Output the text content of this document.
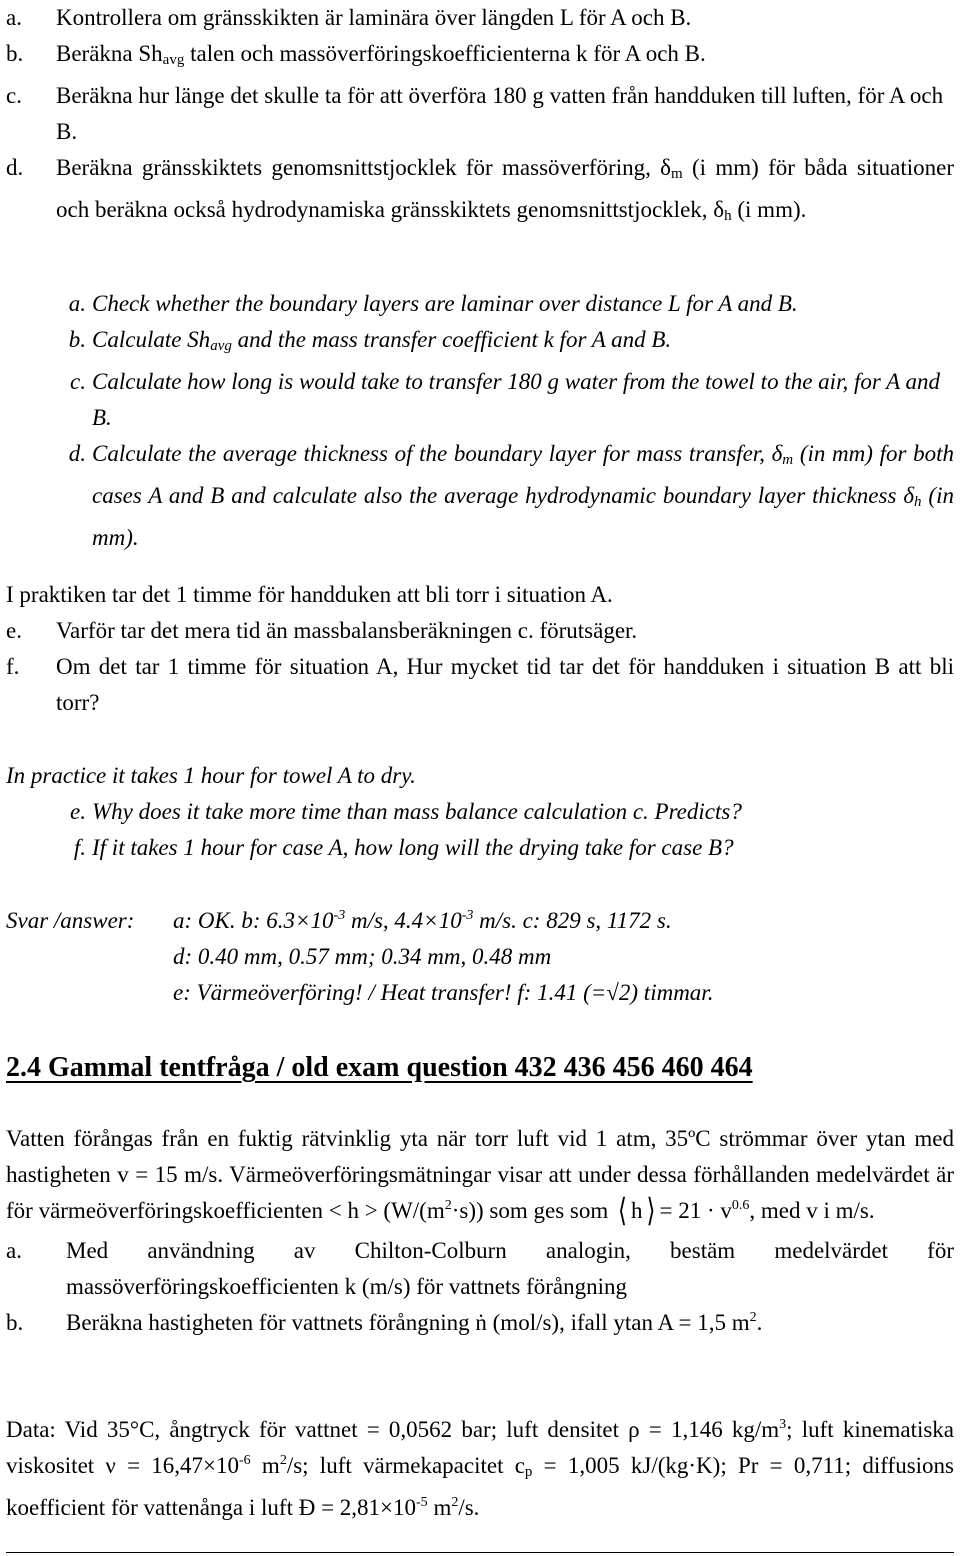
a.	Kontrollera om gränsskikten är laminära över längden L för A och B.
b.	Beräkna $Sh_{avg}$ talen och massöverföringskoefficienterna k för A och B.
c.	Beräkna hur länge det skulle ta för att överföra 180 g vatten från handduken till luften, för A och B.
d.	Beräkna gränsskiktets genomsnittstjocklek för massöverföring, $\delta_m$ (i mm) för båda situationer och beräkna också hydrodynamiska gränsskiktets genomsnittstjocklek, $\delta_h$ (i mm).
a. Check whether the boundary layers are laminar over distance L for A and B.
b. Calculate $Sh_{avg}$ and the mass transfer coefficient k for A and B.
c. Calculate how long is would take to transfer 180 g water from the towel to the air, for A and B.
d. Calculate the average thickness of the boundary layer for mass transfer, $\delta_m$ (in mm) for both cases A and B and calculate also the average hydrodynamic boundary layer thickness $\delta_h$ (in mm).
I praktiken tar det 1 timme för handduken att bli torr i situation A.
e.	Varför tar det mera tid än massbalansberäkningen c. förutsäger.
f.	Om det tar 1 timme för situation A, Hur mycket tid tar det för handduken i situation B att bli torr?
In practice it takes 1 hour for towel A to dry.
e. Why does it take more time than mass balance calculation c. Predicts?
f. If it takes 1 hour for case A, how long will the drying take for case B?
Svar /answer:	a: OK. b: $6.3\times 10^{-3}$ m/s, $4.4\times 10^{-3}$ m/s. c: 829 s, 1172 s.
d: 0.40 mm, 0.57 mm; 0.34 mm, 0.48 mm
e: Värmeöverföring! / Heat transfer! f: 1.41 (=√2) timmar.
2.4 Gammal tentfråga / old exam question 432 436 456 460 464
Vatten förångas från en fuktig rätvinklig yta när torr luft vid 1 atm, 35ºC strömmar över ytan med hastigheten v = 15 m/s. Värmeöverföringsmätningar visar att under dessa förhållanden medelvärdet är för värmeöverföringskoefficienten < $h > (W/(m^2\cdot s))$ som ges som ⟨ h ⟩ = $21 \cdot v^{0.6}$, med v i m/s.
a.	Med användning av Chilton-Colburn analogin, bestäm medelvärdet för massöverföringskoefficienten k (m/s) för vattnets förångning
b.	Beräkna hastigheten för vattnets förångning ṅ (mol/s), ifall ytan A = 1,5 $m^2$.
Data: Vid 35°C, ångtryck för vattnet = 0,0562 bar; luft densitet ρ = 1,146 $kg/m^3$; luft kinematiska viskositet $\nu = 16,47\times 10^{-6}$ $m^2/s$; luft värmekapacitet $c_p = 1,005$ kJ/(kg·K); Pr = 0,711; diffusions koefficient för vattenånga i luft Ð = $2,81\times 10^{-5}$ $m^2/s$.
